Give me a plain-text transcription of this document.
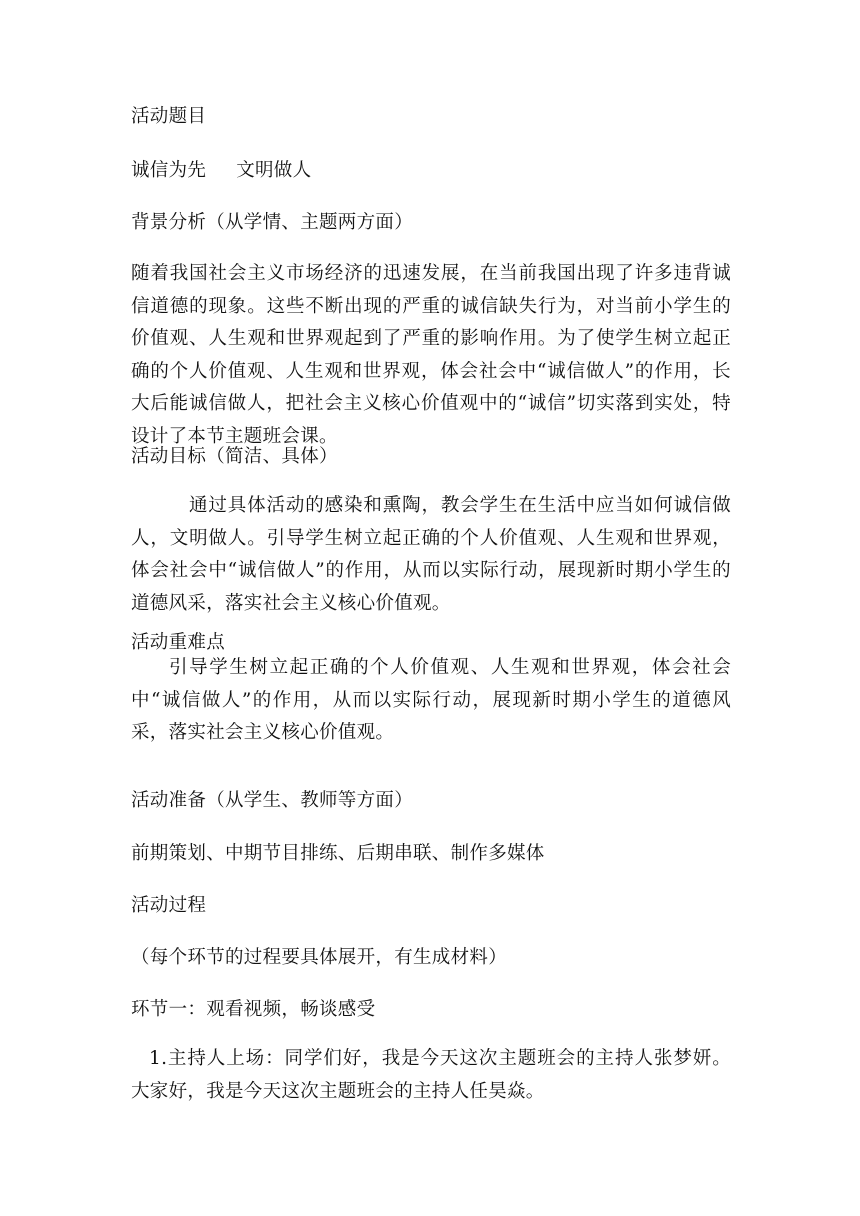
活动题目
诚信为先 文明做人
背景分析（从学情、主题两方面）
随着我国社会主义市场经济的迅速发展，在当前我国出现了许多违背诚信道德的现象。这些不断出现的严重的诚信缺失行为，对当前小学生的价值观、人生观和世界观起到了严重的影响作用。为了使学生树立起正确的个人价值观、人生观和世界观，体会社会中“诚信做人”的作用，长大后能诚信做人，把社会主义核心价值观中的“诚信”切实落到实处，特设计了本节主题班会课。
活动目标（简洁、具体）
通过具体活动的感染和熏陶，教会学生在生活中应当如何诚信做人，文明做人。引导学生树立起正确的个人价值观、人生观和世界观，体会社会中“诚信做人”的作用，从而以实际行动，展现新时期小学生的道德风采，落实社会主义核心价值观。
活动重难点
引导学生树立起正确的个人价值观、人生观和世界观，体会社会中“诚信做人”的作用，从而以实际行动，展现新时期小学生的道德风采，落实社会主义核心价值观。
活动准备（从学生、教师等方面）
前期策划、中期节目排练、后期串联、制作多媒体
活动过程
（每个环节的过程要具体展开，有生成材料）
环节一：观看视频，畅谈感受
1.主持人上场：同学们好，我是今天这次主题班会的主持人张梦妍。大家好，我是今天这次主题班会的主持人任昊焱。
